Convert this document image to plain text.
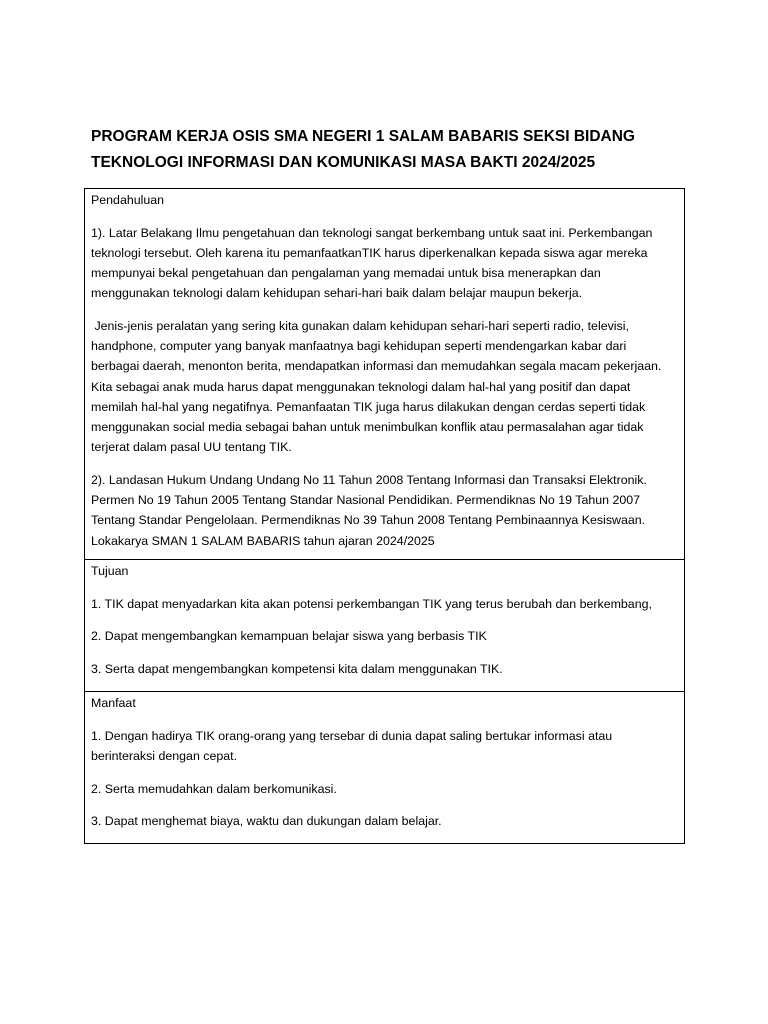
PROGRAM KERJA OSIS SMA NEGERI 1 SALAM BABARIS SEKSI BIDANG
TEKNOLOGI INFORMASI DAN KOMUNIKASI MASA BAKTI 2024/2025

Pendahuluan

1). Latar Belakang Ilmu pengetahuan dan teknologi sangat berkembang untuk saat ini. Perkembangan
teknologi tersebut. Oleh karena itu pemanfaatkanTIK harus diperkenalkan kepada siswa agar mereka
mempunyai bekal pengetahuan dan pengalaman yang memadai untuk bisa menerapkan dan
menggunakan teknologi dalam kehidupan sehari-hari baik dalam belajar maupun bekerja.

Jenis-jenis peralatan yang sering kita gunakan dalam kehidupan sehari-hari seperti radio, televisi,
handphone, computer yang banyak manfaatnya bagi kehidupan seperti mendengarkan kabar dari
berbagai daerah, menonton berita, mendapatkan informasi dan memudahkan segala macam pekerjaan.
Kita sebagai anak muda harus dapat menggunakan teknologi dalam hal-hal yang positif dan dapat
memilah hal-hal yang negatifnya. Pemanfaatan TIK juga harus dilakukan dengan cerdas seperti tidak
menggunakan social media sebagai bahan untuk menimbulkan konflik atau permasalahan agar tidak
terjerat dalam pasal UU tentang TIK.

2). Landasan Hukum Undang Undang No 11 Tahun 2008 Tentang Informasi dan Transaksi Elektronik.
Permen No 19 Tahun 2005 Tentang Standar Nasional Pendidikan. Permendiknas No 19 Tahun 2007
Tentang Standar Pengelolaan. Permendiknas No 39 Tahun 2008 Tentang Pembinaannya Kesiswaan.
Lokakarya SMAN 1 SALAM BABARIS tahun ajaran 2024/2025

Tujuan

1. TIK dapat menyadarkan kita akan potensi perkembangan TIK yang terus berubah dan berkembang,

2. Dapat mengembangkan kemampuan belajar siswa yang berbasis TIK

3. Serta dapat mengembangkan kompetensi kita dalam menggunakan TIK.

Manfaat

1. Dengan hadirya TIK orang-orang yang tersebar di dunia dapat saling bertukar informasi atau
berinteraksi dengan cepat.

2. Serta memudahkan dalam berkomunikasi.

3. Dapat menghemat biaya, waktu dan dukungan dalam belajar.
